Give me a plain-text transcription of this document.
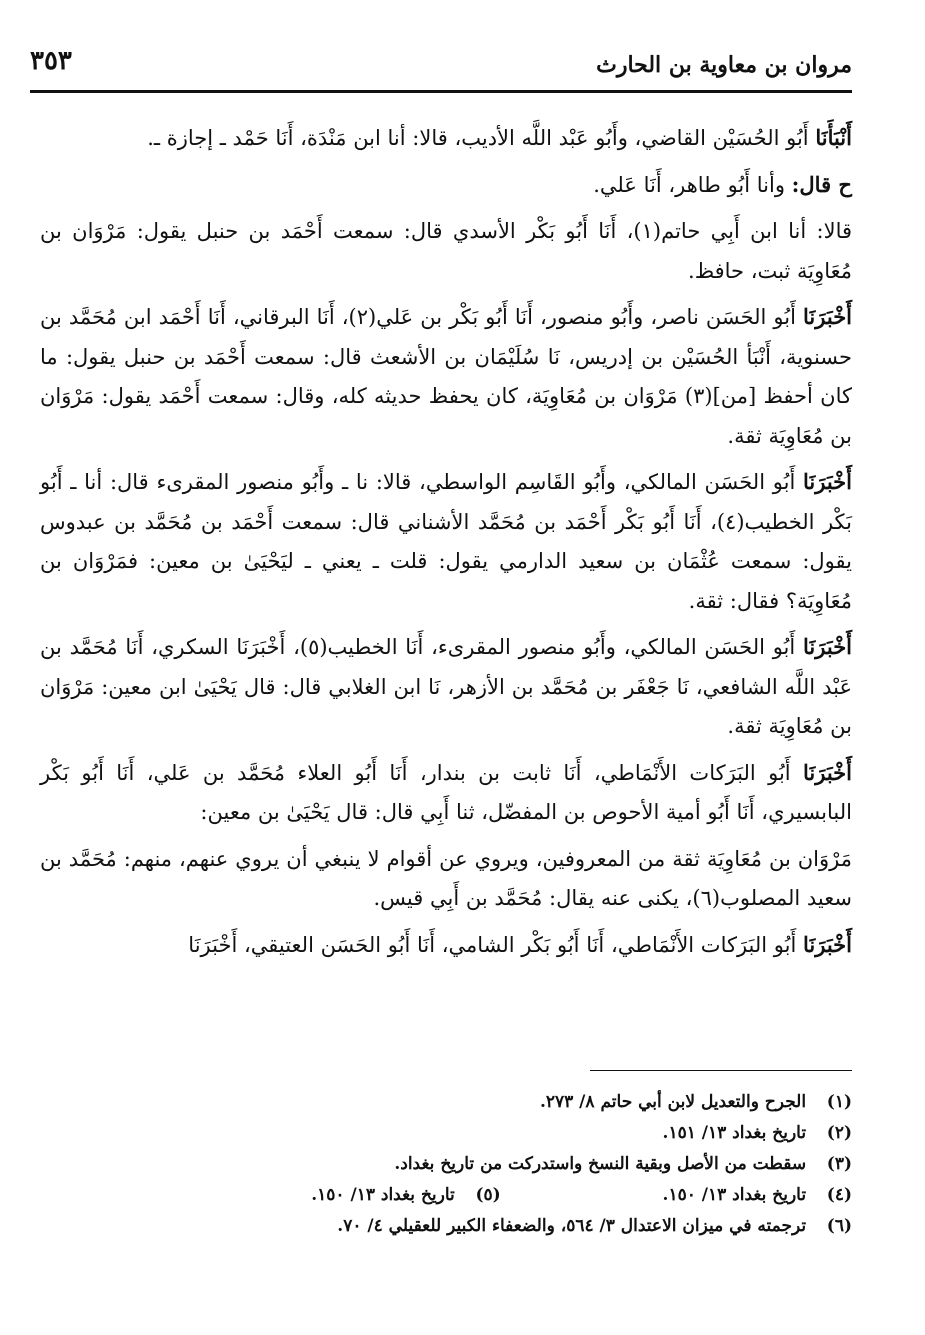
مروان بن معاوية بن الحارث
٣٥٣

أَنْبَأَنَا أَبُو الحُسَيْن القاضي، وأَبُو عَبْد اللَّه الأديب، قالا: أنا ابن مَنْدَة، أَنَا حَمْد ـ إجازة ـ.

ح قال: وأنا أَبُو طاهر، أَنَا عَلي.

قالا: أنا ابن أَبِي حاتم(١)، أَنَا أَبُو بَكْر الأسدي قال: سمعت أَحْمَد بن حنبل يقول: مَرْوَان بن مُعَاوِيَة ثبت، حافظ.

أَخْبَرَنَا أَبُو الحَسَن ناصر، وأَبُو منصور، أَنَا أَبُو بَكْر بن عَلي(٢)، أَنَا البرقاني، أَنَا أَحْمَد ابن مُحَمَّد بن حسنوية، أَنْبَأ الحُسَيْن بن إدريس، نَا سُلَيْمَان بن الأشعث قال: سمعت أَحْمَد بن حنبل يقول: ما كان أحفظ [من](٣) مَرْوَان بن مُعَاوِيَة، كان يحفظ حديثه كله، وقال: سمعت أَحْمَد يقول: مَرْوَان بن مُعَاوِيَة ثقة.

أَخْبَرَنَا أَبُو الحَسَن المالكي، وأَبُو القَاسِم الواسطي، قالا: نا ـ وأَبُو منصور المقرىء قال: أنا ـ أَبُو بَكْر الخطيب(٤)، أَنَا أَبُو بَكْر أَحْمَد بن مُحَمَّد الأشناني قال: سمعت أَحْمَد بن مُحَمَّد بن عبدوس يقول: سمعت عُثْمَان بن سعيد الدارمي يقول: قلت ـ يعني ـ ليَحْيَىٰ بن معين: فمَرْوَان بن مُعَاوِيَة؟ فقال: ثقة.

أَخْبَرَنَا أَبُو الحَسَن المالكي، وأَبُو منصور المقرىء، أَنَا الخطيب(٥)، أَخْبَرَنَا السكري، أَنَا مُحَمَّد بن عَبْد اللَّه الشافعي، نَا جَعْفَر بن مُحَمَّد بن الأزهر، نَا ابن الغلابي قال: قال يَحْيَىٰ ابن معين: مَرْوَان بن مُعَاوِيَة ثقة.

أَخْبَرَنَا أَبُو البَرَكات الأَنْمَاطي، أَنَا ثابت بن بندار، أَنَا أَبُو العلاء مُحَمَّد بن عَلي، أَنَا أَبُو بَكْر البابسيري، أَنَا أَبُو أمية الأحوص بن المفضّل، ثنا أَبِي قال: قال يَحْيَىٰ بن معين:

مَرْوَان بن مُعَاوِيَة ثقة من المعروفين، ويروي عن أقوام لا ينبغي أن يروي عنهم، منهم: مُحَمَّد بن سعيد المصلوب(٦)، يكنى عنه يقال: مُحَمَّد بن أَبِي قيس.

أَخْبَرَنَا أَبُو البَرَكات الأَنْمَاطي، أَنَا أَبُو بَكْر الشامي، أَنَا أَبُو الحَسَن العتيقي، أَخْبَرَنَا

(١) الجرح والتعديل لابن أبي حاتم ٨/ ٢٧٣.
(٢) تاريخ بغداد ١٣/ ١٥١.
(٣) سقطت من الأصل وبقية النسخ واستدركت من تاريخ بغداد.
(٤) تاريخ بغداد ١٣/ ١٥٠.  (٥) تاريخ بغداد ١٣/ ١٥٠.
(٦) ترجمته في ميزان الاعتدال ٣/ ٥٦٤، والضعفاء الكبير للعقيلي ٤/ ٧٠.
